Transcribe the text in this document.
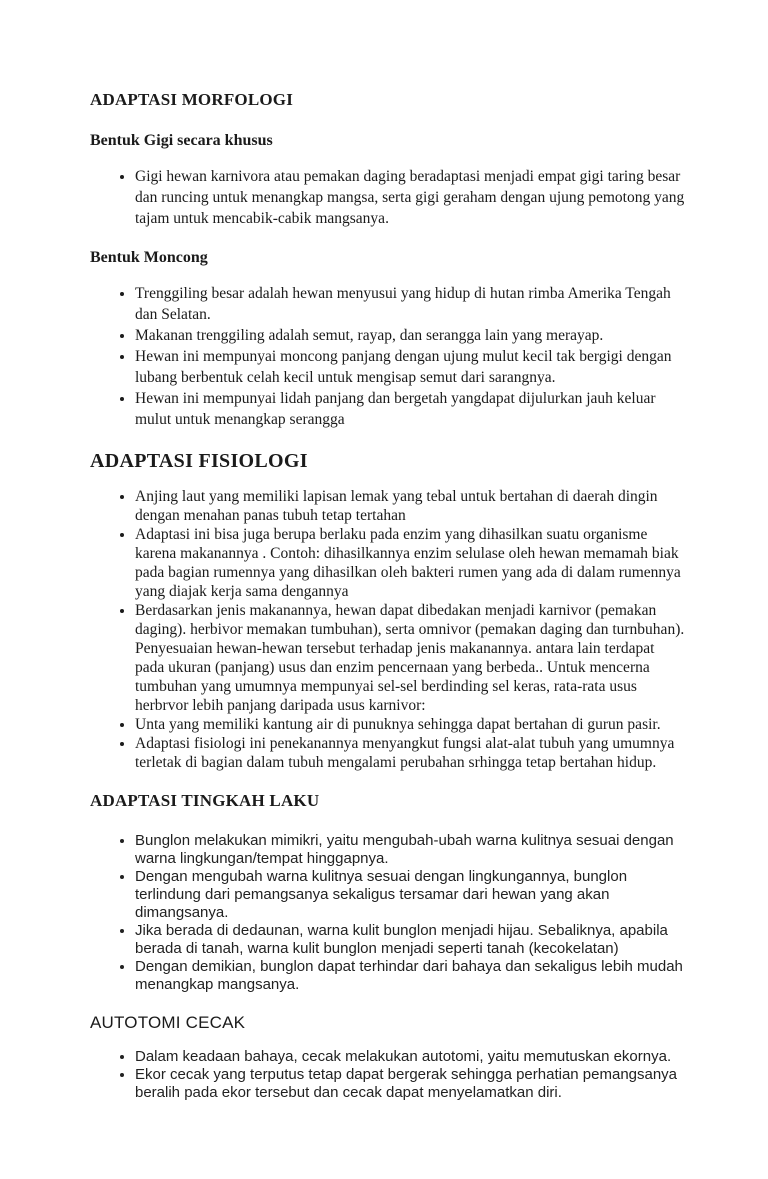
ADAPTASI MORFOLOGI
Bentuk Gigi secara khusus
• Gigi hewan karnivora atau pemakan daging beradaptasi menjadi empat gigi taring besar dan runcing untuk menangkap mangsa, serta gigi geraham dengan ujung pemotong yang tajam untuk mencabik-cabik mangsanya.
Bentuk Moncong
• Trenggiling besar adalah hewan menyusui yang hidup di hutan rimba Amerika Tengah dan Selatan.
• Makanan trenggiling adalah semut, rayap, dan serangga lain yang merayap.
• Hewan ini mempunyai moncong panjang dengan ujung mulut kecil tak bergigi dengan lubang berbentuk celah kecil untuk mengisap semut dari sarangnya.
• Hewan ini mempunyai lidah panjang dan bergetah yangdapat dijulurkan jauh keluar mulut untuk menangkap serangga
ADAPTASI FISIOLOGI
• Anjing laut yang memiliki lapisan lemak yang tebal untuk bertahan di daerah dingin dengan menahan panas tubuh tetap tertahan
• Adaptasi ini bisa juga berupa berlaku pada enzim yang dihasilkan suatu organisme karena makanannya . Contoh: dihasilkannya enzim selulase oleh hewan memamah biak pada bagian rumennya yang dihasilkan oleh bakteri rumen yang ada di dalam rumennya yang diajak kerja sama dengannya
• Berdasarkan jenis makanannya, hewan dapat dibedakan menjadi karnivor (pemakan daging). herbivor memakan tumbuhan), serta omnivor (pemakan daging dan turnbuhan). Penyesuaian hewan-hewan tersebut terhadap jenis makanannya. antara lain terdapat pada ukuran (panjang) usus dan enzim pencernaan yang berbeda.. Untuk mencerna tumbuhan yang umumnya mempunyai sel-sel berdinding sel keras, rata-rata usus herbrvor lebih panjang daripada usus karnivor:
• Unta yang memiliki kantung air di punuknya sehingga dapat bertahan di gurun pasir.
• Adaptasi fisiologi ini penekanannya menyangkut fungsi alat-alat tubuh yang umumnya terletak di bagian dalam tubuh mengalami perubahan srhingga tetap bertahan hidup.
ADAPTASI TINGKAH LAKU
• Bunglon melakukan mimikri, yaitu mengubah-ubah warna kulitnya sesuai dengan warna lingkungan/tempat hinggapnya.
• Dengan mengubah warna kulitnya sesuai dengan lingkungannya, bunglon terlindung dari pemangsanya sekaligus tersamar dari hewan yang akan dimangsanya.
• Jika berada di dedaunan, warna kulit bunglon menjadi hijau. Sebaliknya, apabila berada di tanah, warna kulit bunglon menjadi seperti tanah (kecokelatan)
• Dengan demikian, bunglon dapat terhindar dari bahaya dan sekaligus lebih mudah menangkap mangsanya.
AUTOTOMI CECAK
• Dalam keadaan bahaya, cecak melakukan autotomi, yaitu memutuskan ekornya.
• Ekor cecak yang terputus tetap dapat bergerak sehingga perhatian pemangsanya beralih pada ekor tersebut dan cecak dapat menyelamatkan diri.
